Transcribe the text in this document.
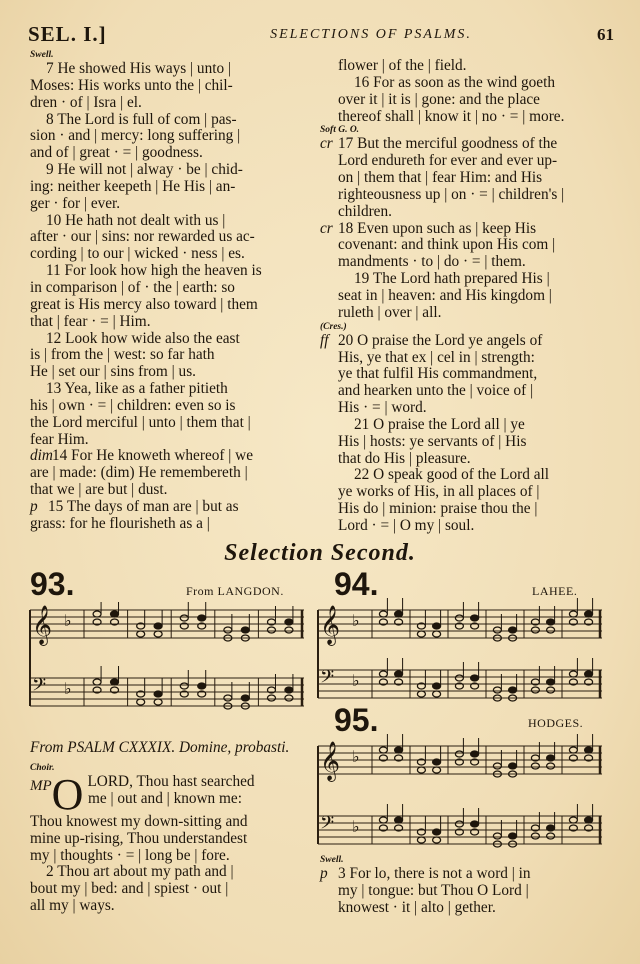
SEL. I.]	SELECTIONS OF PSALMS.	61

Swell.

7 He showed His ways | unto |

Moses: His works unto the | chil-

dren · of | Isra | el.

8 The Lord is full of com | pas-

sion · and | mercy: long suffering |

and of | great · = | goodness.

9 He will not | alway · be | chid-

ing: neither keepeth | He His | an-

ger · for | ever.

10 He hath not dealt with us |

after · our | sins: nor rewarded us ac-

cording | to our | wicked · ness | es.

11 For look how high the heaven is

in comparison | of · the | earth: so

great is His mercy also toward | them

that | fear · = | Him.

12 Look how wide also the east

is | from the | west: so far hath

He | set our | sins from | us.

13 Yea, like as a father pitieth

his | own · = | children: even so is

the Lord merciful | unto | them that |

fear Him.

dim14 For He knoweth whereof | we

are | made: (dim) He remembereth |

that we | are but | dust.

p 15 The days of man are | but as

grass: for he flourisheth as a |

flower | of the | field.

16 For as soon as the wind goeth

over it | it is | gone: and the place

thereof shall | know it | no · = | more.

Soft G. O.

cr 17 But the merciful goodness of the

Lord endureth for ever and ever up-

on | them that | fear Him: and His

righteousness up | on · = | children's |

children.

cr 18 Even upon such as | keep His

covenant: and think upon His com |

mandments · to | do · = | them.

19 The Lord hath prepared His |

seat in | heaven: and His kingdom |

ruleth | over | all.

(Cres.)

ff 20 O praise the Lord ye angels of

His, ye that ex | cel in | strength:

ye that fulfil His commandment,

and hearken unto the | voice of |

His · = | word.

21 O praise the Lord all | ye

His | hosts: ye servants of | His

that do His | pleasure.

22 O speak good of the Lord all

ye works of His, in all places of |

His do | minion: praise thou the |

Lord · = | O my | soul.

Selection Second.
93.	From LANGDON.
𝄞 ♭
𝄢 ♭
94.	LAHEE.
𝄞 ♭
𝄢 ♭
95.	HODGES.
𝄞 ♭
𝄢 ♭

From PSALM CXXXIX. Domine, probasti.

Choir.

MP O LORD, Thou hast searched

me | out and | known me:

Thou knowest my down-sitting and

mine up-rising, Thou understandest

my | thoughts · = | long be | fore.

2 Thou art about my path and |

bout my | bed: and | spiest · out |

all my | ways.

Swell.

p 3 For lo, there is not a word | in

my | tongue: but Thou O Lord |

knowest · it | alto | gether.
